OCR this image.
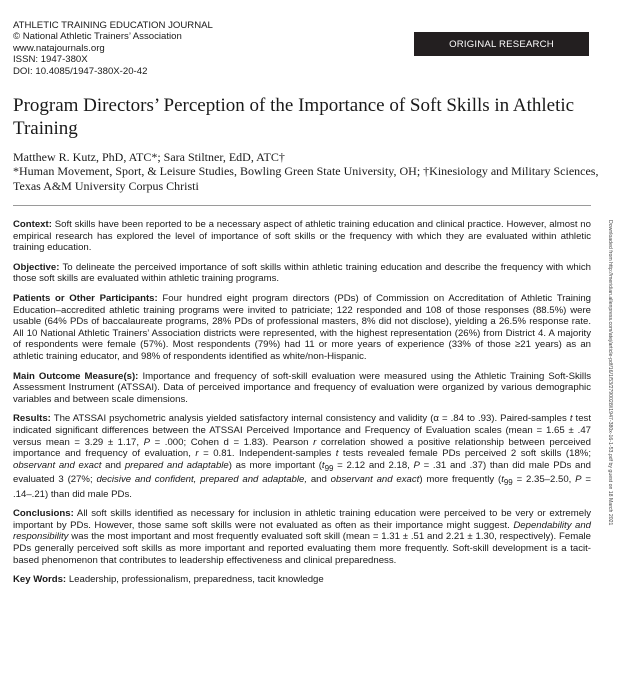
ATHLETIC TRAINING EDUCATION JOURNAL
© National Athletic Trainers’ Association
www.natajournals.org
ISSN: 1947-380X
DOI: 10.4085/1947-380X-20-42
ORIGINAL RESEARCH
Program Directors’ Perception of the Importance of Soft Skills in Athletic Training
Matthew R. Kutz, PhD, ATC*; Sara Stiltner, EdD, ATC†
*Human Movement, Sport, & Leisure Studies, Bowling Green State University, OH; †Kinesiology and Military Sciences, Texas A&M University Corpus Christi

Context: Soft skills have been reported to be a necessary aspect of athletic training education and clinical practice. However, almost no empirical research has explored the level of importance of soft skills or the frequency with which they are evaluated within athletic training education.

Objective: To delineate the perceived importance of soft skills within athletic training education and describe the frequency with which those soft skills are evaluated within athletic training programs.

Patients or Other Participants: Four hundred eight program directors (PDs) of Commission on Accreditation of Athletic Training Education–accredited athletic training programs were invited to patriciate; 122 responded and 108 of those responses (88.5%) were usable (64% PDs of baccalaureate programs, 28% PDs of professional masters, 8% did not disclose), yielding a 26.5% response rate. All 10 National Athletic Trainers’ Association districts were represented, with the highest representation (26%) from District 4. A majority of respondents were female (57%). Most respondents (79%) had 11 or more years of experience (33% of those ≥21 years) as an athletic training educator, and 98% of respondents identified as white/non-Hispanic.

Main Outcome Measure(s): Importance and frequency of soft-skill evaluation were measured using the Athletic Training Soft-Skills Assessment Instrument (ATSSAI). Data of perceived importance and frequency of evaluation were organized by various demographic variables and between scale dimensions.

Results: The ATSSAI psychometric analysis yielded satisfactory internal consistency and validity (α = .84 to .93). Paired-samples t test indicated significant differences between the ATSSAI Perceived Importance and Frequency of Evaluation scales (mean = 1.65 ± .47 versus mean = 3.29 ± 1.17, P = .000; Cohen d = 1.83). Pearson r correlation showed a positive relationship between perceived importance and frequency of evaluation, r = 0.81. Independent-samples t tests revealed female PDs perceived 2 soft skills (18%; observant and exact and prepared and adaptable) as more important ($t_{99} = 2.12$ and 2.18, P = .31 and .37) than did male PDs and evaluated 3 (27%; decisive and confident, prepared and adaptable, and observant and exact) more frequently ($t_{99} = 2.35-2.50$, P = .14–.21) than did male PDs.

Conclusions: All soft skills identified as necessary for inclusion in athletic training education were perceived to be very or extremely important by PDs. However, those same soft skills were not evaluated as often as their importance might suggest. Dependability and responsibility was the most important and most frequently evaluated soft skill (mean = 1.31 ± .51 and 2.21 ± 1.30, respectively). Female PDs generally perceived soft skills as more important and reported evaluating them more frequently. Soft-skill development is a tacit-based phenomenon that contributes to leadership effectiveness and clinical preparedness.

Key Words: Leadership, professionalism, preparedness, tacit knowledge

Downloaded from http://meridian.allenpress.com/atej/article-pdf/16/1/53/2790028/i1947-380x-16-1-53.pdf by guest on 18 March 2021
